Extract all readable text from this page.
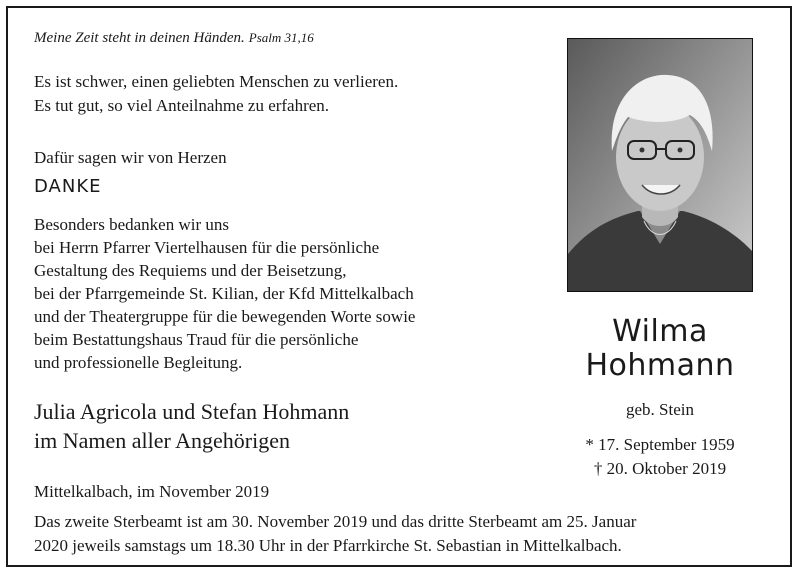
Meine Zeit steht in deinen Händen. Psalm 31,16

Es ist schwer, einen geliebten Menschen zu verlieren.

Es tut gut, so viel Anteilnahme zu erfahren.

Dafür sagen wir von Herzen

DANKE

Besonders bedanken wir uns

bei Herrn Pfarrer Viertelhausen für die persönliche

Gestaltung des Requiems und der Beisetzung,

bei der Pfarrgemeinde St. Kilian, der Kfd Mittelkalbach

und der Theatergruppe für die bewegenden Worte sowie

beim Bestattungshaus Traud für die persönliche

und professionelle Begleitung.

Julia Agricola und Stefan Hohmann

im Namen aller Angehörigen

Mittelkalbach, im November 2019

Das zweite Sterbeamt ist am 30. November 2019 und das dritte Sterbeamt am 25. Januar

2020 jeweils samstags um 18.30 Uhr in der Pfarrkirche St. Sebastian in Mittelkalbach.

Wilma

Hohmann

geb. Stein

* 17. September 1959

† 20. Oktober 2019
